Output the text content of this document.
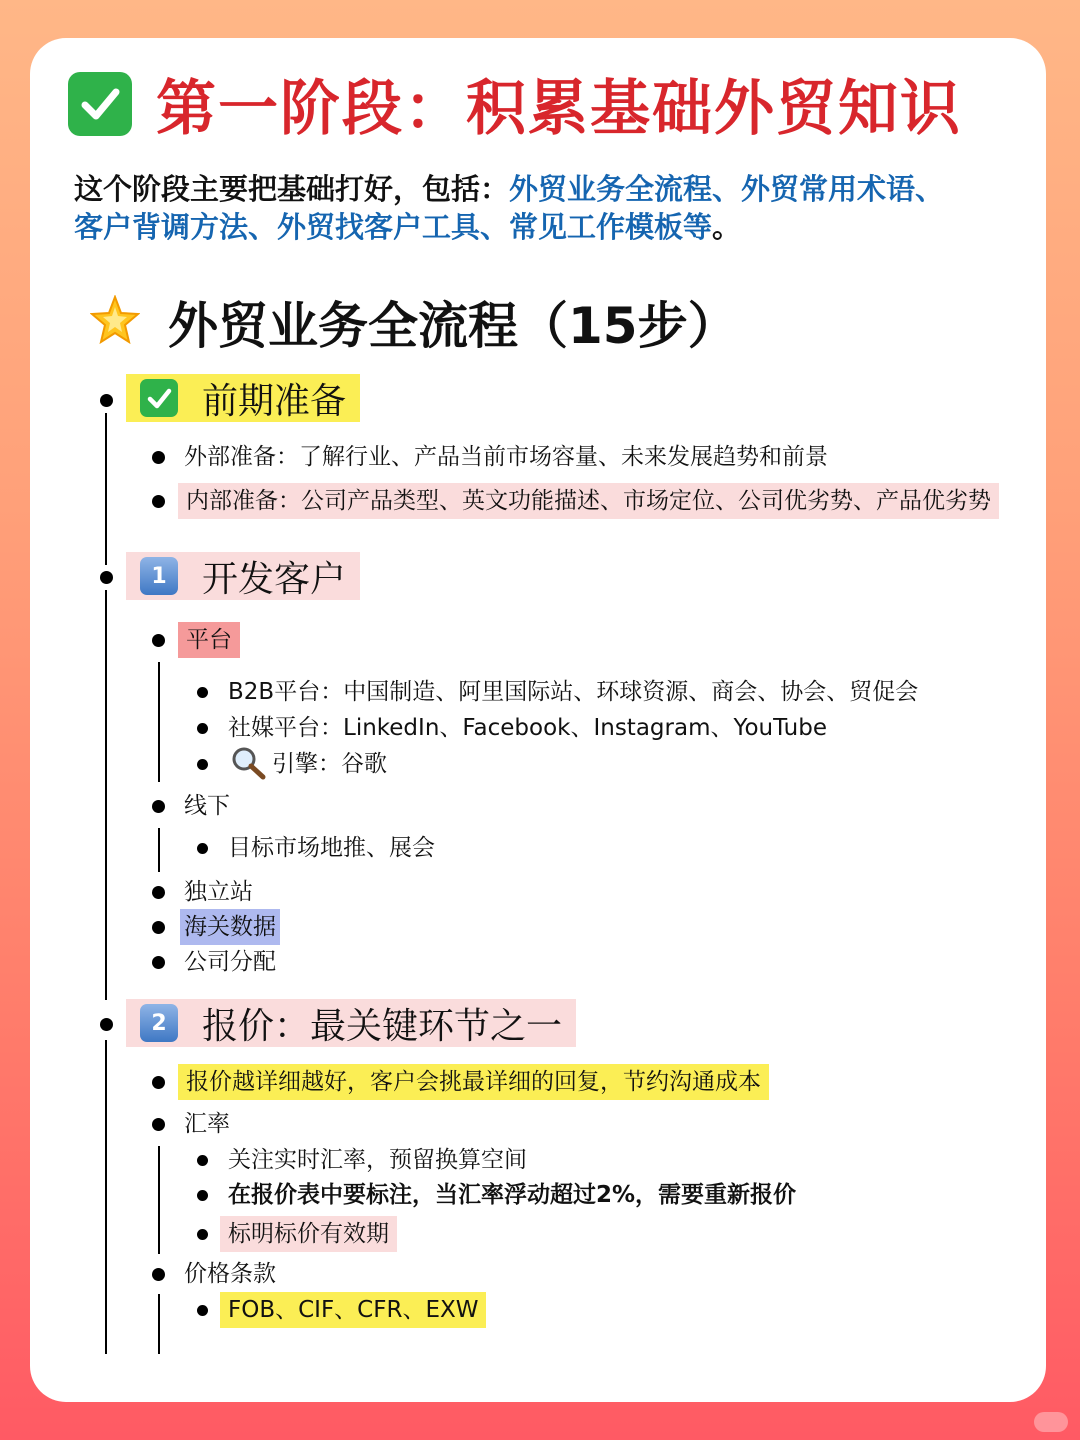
第一阶段：积累基础外贸知识
这个阶段主要把基础打好，包括：外贸业务全流程、外贸常用术语、
客户背调方法、外贸找客户工具、常见工作模板等。
外贸业务全流程（15步）
前期准备
外部准备：了解行业、产品当前市场容量、未来发展趋势和前景
内部准备：公司产品类型、英文功能描述、市场定位、公司优劣势、产品优劣势
1 开发客户
平台
B2B平台：中国制造、阿里国际站、环球资源、商会、协会、贸促会
社媒平台：LinkedIn、Facebook、Instagram、YouTube
引擎：谷歌
线下
目标市场地推、展会
独立站
海关数据
公司分配
2 报价：最关键环节之一
报价越详细越好，客户会挑最详细的回复，节约沟通成本
汇率
关注实时汇率，预留换算空间
在报价表中要标注，当汇率浮动超过2%，需要重新报价
标明标价有效期
价格条款
FOB、CIF、CFR、EXW
